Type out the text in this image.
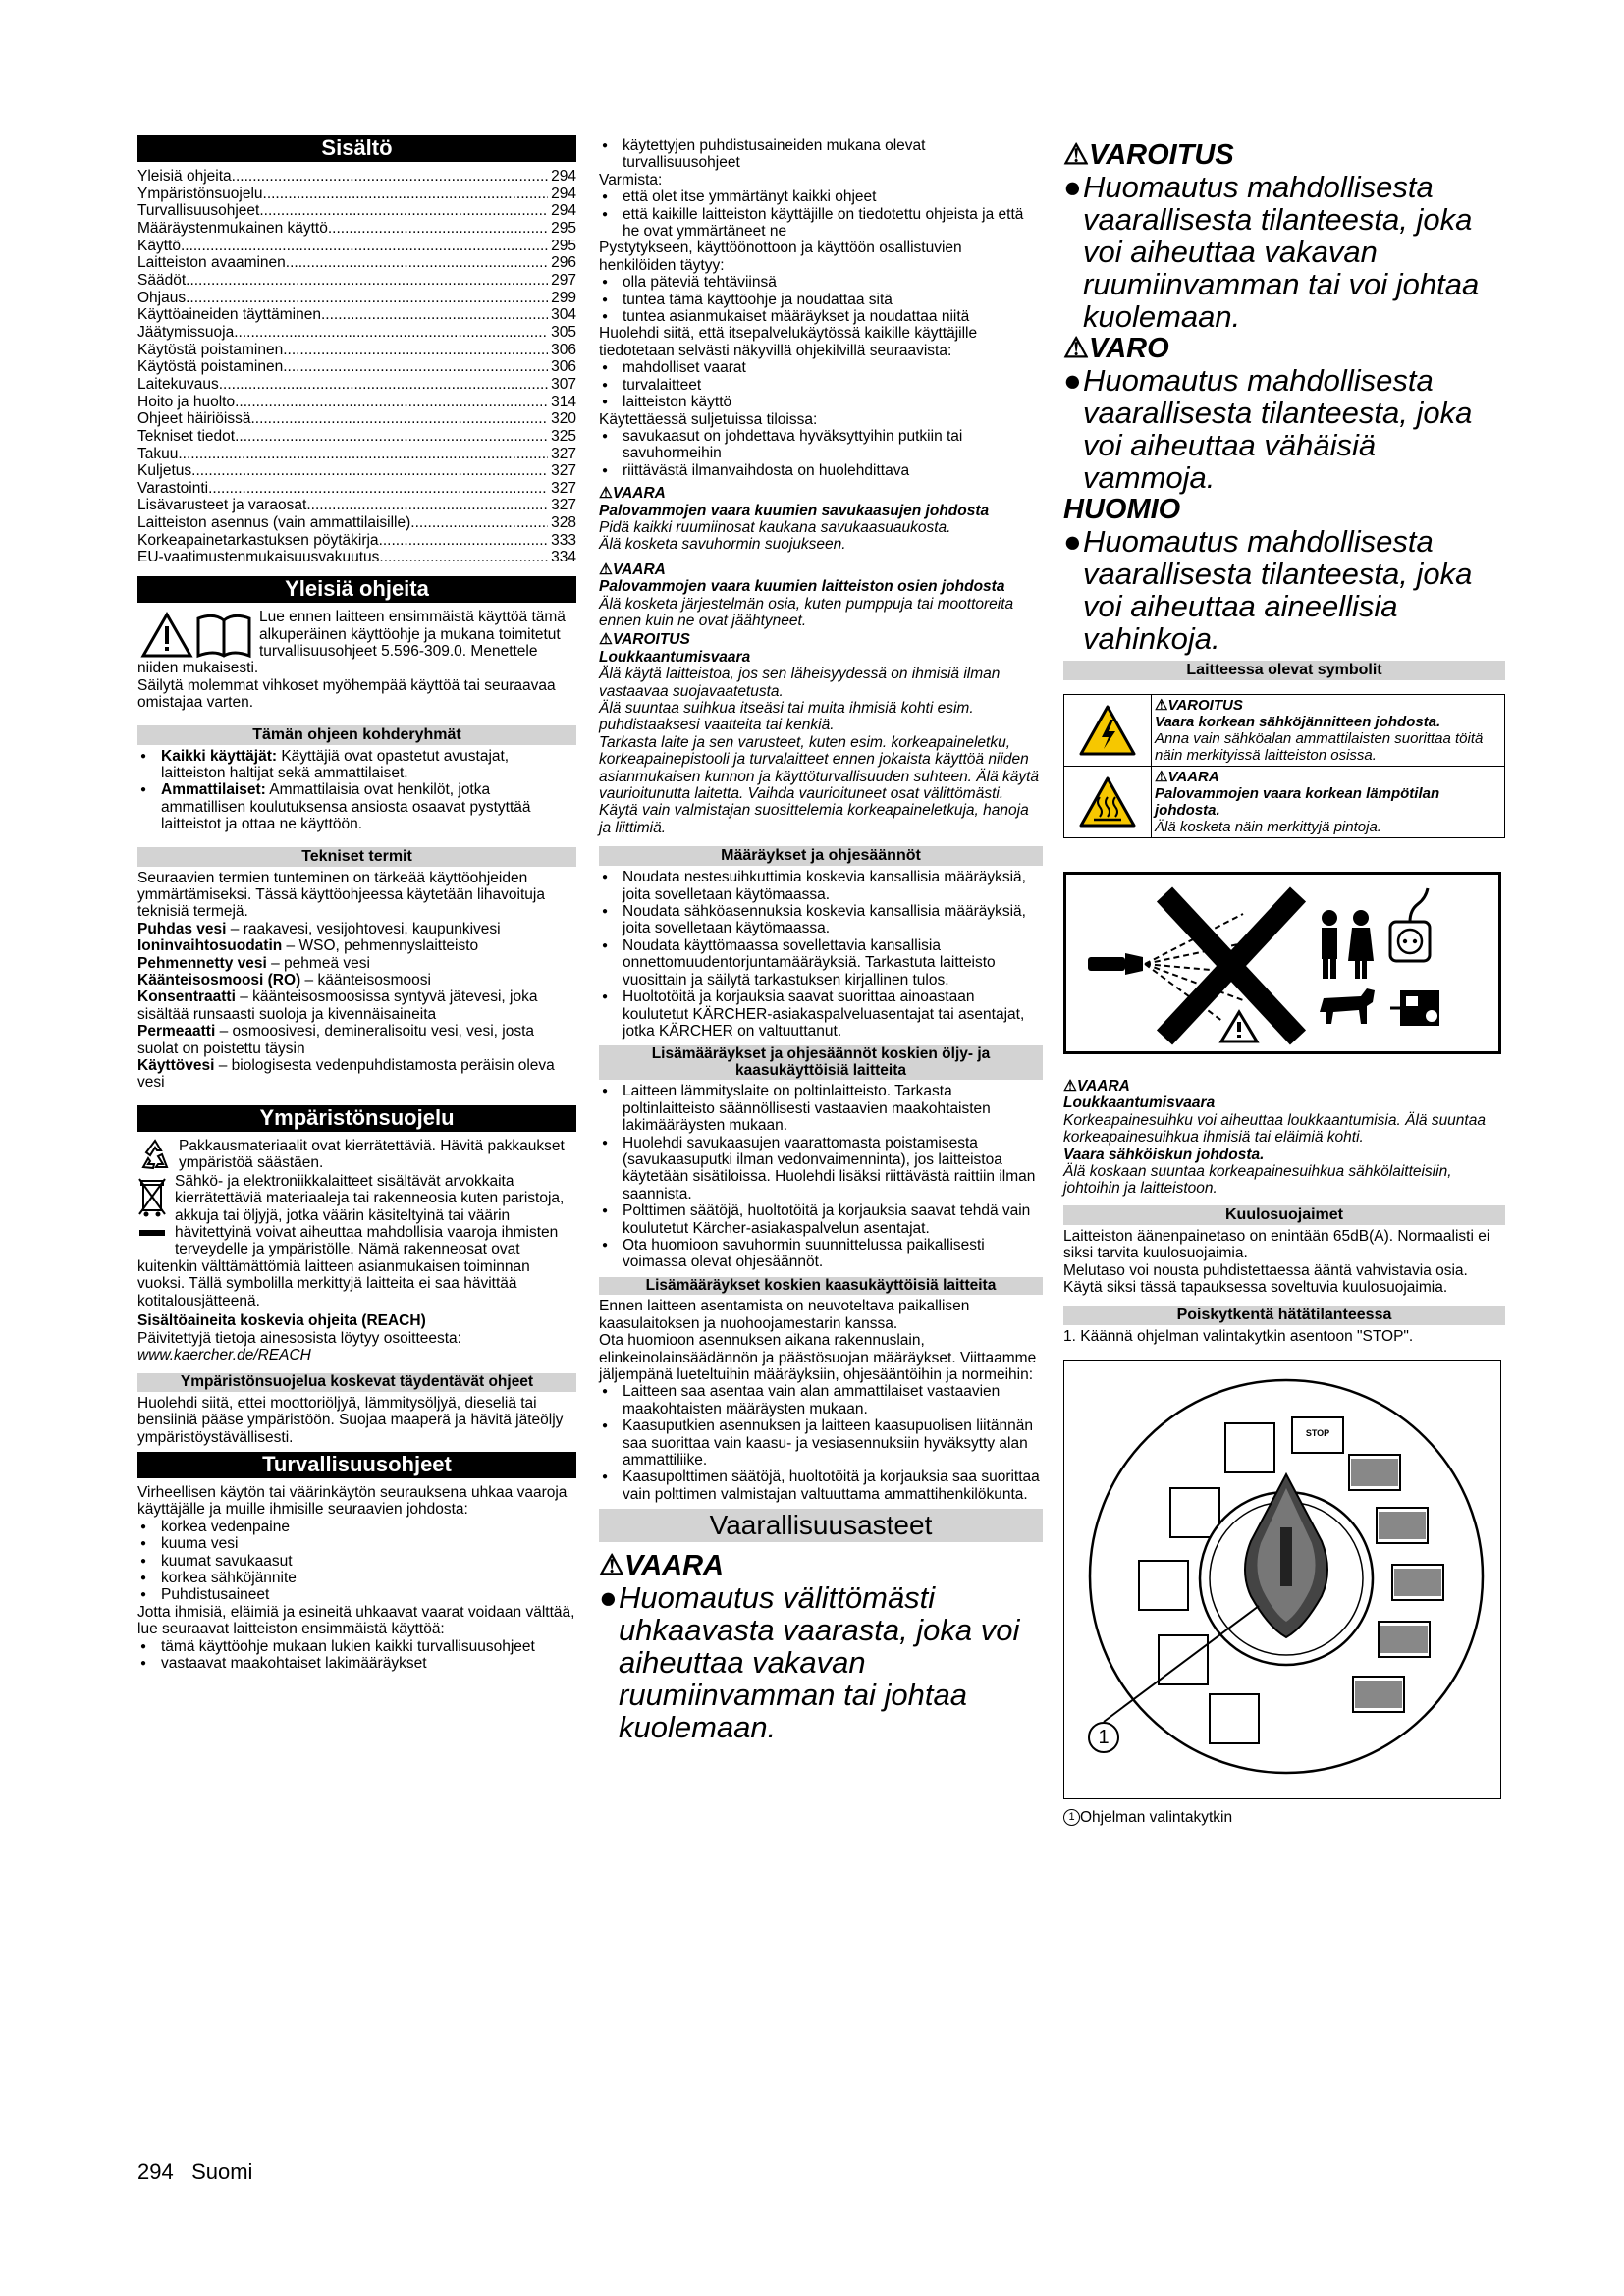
Sisältö
Yleisiä ohjeita .....	294
Ympäristönsuojelu .....	294
Turvallisuusohjeet .....	294
Määräystenmukainen käyttö .....	295
Käyttö .....	295
Laitteiston avaaminen .....	296
Säädöt .....	297
Ohjaus .....	299
Käyttöaineiden täyttäminen .....	304
Jäätymissuoja .....	305
Käytöstä poistaminen .....	306
Käytöstä poistaminen .....	306
Laitekuvaus .....	307
Hoito ja huolto .....	314
Ohjeet häiriöissä .....	320
Tekniset tiedot .....	325
Takuu .....	327
Kuljetus .....	327
Varastointi .....	327
Lisävarusteet ja varaosat .....	327
Laitteiston asennus (vain ammattilaisille) .....	328
Korkeapainetarkastuksen pöytäkirja .....	333
EU-vaatimustenmukaisuusvakuutus .....	334
Yleisiä ohjeita

Lue ennen laitteen ensimmäistä käyttöä tämä alkuperäinen käyttöohje ja mukana toimitetut turvallisuusohjeet 5.596-309.0. Menettele niiden mukaisesti.

Säilytä molemmat vihkoset myöhempää käyttöä tai seuraavaa omistajaa varten.

Tämän ohjeen kohderyhmät
● Kaikki käyttäjät: Käyttäjiä ovat opastetut avustajat, laitteiston haltijat sekä ammattilaiset.
● Ammattilaiset: Ammattilaisia ovat henkilöt, jotka ammatillisen koulutuksensa ansiosta osaavat pystyttää laitteistot ja ottaa ne käyttöön.
Tekniset termit

Seuraavien termien tunteminen on tärkeää käyttöohjeiden ymmärtämiseksi. Tässä käyttöohjeessa käytetään lihavoituja teknisiä termejä.

Puhdas vesi – raakavesi, vesijohtovesi, kaupunkivesi

Ioninvaihtosuodatin – WSO, pehmennyslaitteisto

Pehmennetty vesi – pehmeä vesi

Käänteisosmoosi (RO) – käänteisosmoosi

Konsentraatti – käänteisosmoosissa syntyvä jätevesi, joka sisältää runsaasti suoloja ja kivennäisaineita

Permeaatti – osmoosivesi, demineralisoitu vesi, vesi, josta suolat on poistettu täysin

Käyttövesi – biologisesta vedenpuhdistamosta peräisin oleva vesi

Ympäristönsuojelu

Pakkausmateriaalit ovat kierrätettäviä. Hävitä pakkaukset ympäristöä säästäen.

Sähkö- ja elektroniikkalaitteet sisältävät arvokkaita kierrätettäviä materiaaleja tai rakenneosia kuten paristoja, akkuja tai öljyjä, jotka väärin käsiteltyinä tai väärin hävitettyinä voivat aiheuttaa mahdollisia vaaroja ihmisten terveydelle ja ympäristölle. Nämä rakenneosat ovat kuitenkin välttämättömiä laitteen asianmukaisen toiminnan vuoksi. Tällä symbolilla merkittyjä laitteita ei saa hävittää kotitalousjätteenä.

Sisältöaineita koskevia ohjeita (REACH)

Päivitettyjä tietoja ainesosista löytyy osoitteesta:

www.kaercher.de/REACH

Ympäristönsuojelua koskevat täydentävät ohjeet

Huolehdi siitä, ettei moottoriöljyä, lämmitysöljyä, dieseliä tai bensiiniä pääse ympäristöön. Suojaa maaperä ja hävitä jäteöljy ympäristöystävällisesti.

Turvallisuusohjeet

Virheellisen käytön tai väärinkäytön seurauksena uhkaa vaaroja käyttäjälle ja muille ihmisille seuraavien johdosta:

● korkea vedenpaine
● kuuma vesi
● kuumat savukaasut
● korkea sähköjännite
● Puhdistusaineet

Jotta ihmisiä, eläimiä ja esineitä uhkaavat vaarat voidaan välttää, lue seuraavat laitteiston ensimmäistä käyttöä:

● tämä käyttöohje mukaan lukien kaikki turvallisuusohjeet
● vastaavat maakohtaiset lakimääräykset
● käytettyjen puhdistusaineiden mukana olevat turvallisuusohjeet

Varmista:

● että olet itse ymmärtänyt kaikki ohjeet
● että kaikille laitteiston käyttäjille on tiedotettu ohjeista ja että he ovat ymmärtäneet ne

Pystytykseen, käyttöönottoon ja käyttöön osallistuvien henkilöiden täytyy:

● olla päteviä tehtäviinsä
● tuntea tämä käyttöohje ja noudattaa sitä
● tuntea asianmukaiset määräykset ja noudattaa niitä

Huolehdi siitä, että itsepalvelukäytössä kaikille käyttäjille tiedotetaan selvästi näkyvillä ohjekilvillä seuraavista:

● mahdolliset vaarat
● turvalaitteet
● laitteiston käyttö

Käytettäessä suljetuissa tiloissa:

● savukaasut on johdettava hyväksyttyihin putkiin tai savuhormeihin
● riittävästä ilmanvaihdosta on huolehdittava

⚠VAARA

Palovammojen vaara kuumien savukaasujen johdosta

Pidä kaikki ruumiinosat kaukana savukaasuaukosta.

Älä kosketa savuhormin suojukseen.

⚠VAARA

Palovammojen vaara kuumien laitteiston osien johdosta

Älä kosketa järjestelmän osia, kuten pumppuja tai moottoreita ennen kuin ne ovat jäähtyneet.

⚠VAROITUS

Loukkaantumisvaara

Älä käytä laitteistoa, jos sen läheisyydessä on ihmisiä ilman vastaavaa suojavaatetusta.

Älä suuntaa suihkua itseäsi tai muita ihmisiä kohti esim. puhdistaaksesi vaatteita tai kenkiä.

Tarkasta laite ja sen varusteet, kuten esim. korkeapaineletku, korkeapainepistooli ja turvalaitteet ennen jokaista käyttöä niiden asianmukaisen kunnon ja käyttöturvallisuuden suhteen. Älä käytä vaurioitunutta laitetta. Vaihda vaurioituneet osat välittömästi.

Käytä vain valmistajan suosittelemia korkeapaineletkuja, hanoja ja liittimiä.

Määräykset ja ohjesäännöt
● Noudata nestesuihkuttimia koskevia kansallisia määräyksiä, joita sovelletaan käytömaassa.
● Noudata sähköasennuksia koskevia kansallisia määräyksiä, joita sovelletaan käytömaassa.
● Noudata käyttömaassa sovellettavia kansallisia onnettomuudentorjuntamääräyksiä. Tarkastuta laitteisto vuosittain ja säilytä tarkastuksen kirjallinen tulos.
● Huoltotöitä ja korjauksia saavat suorittaa ainoastaan koulutetut KÄRCHER-asiakaspalveluasentajat tai asentajat, jotka KÄRCHER on valtuuttanut.
Lisämääräykset ja ohjesäännöt koskien öljy- ja kaasukäyttöisiä laitteita
● Laitteen lämmityslaite on poltinlaitteisto. Tarkasta poltinlaitteisto säännöllisesti vastaavien maakohtaisten lakimääräysten mukaan.
● Huolehdi savukaasujen vaarattomasta poistamisesta (savukaasuputki ilman vedonvaimenninta), jos laitteistoa käytetään sisätiloissa. Huolehdi lisäksi riittävästä raittiin ilman saannista.
● Polttimen säätöjä, huoltotöitä ja korjauksia saavat tehdä vain koulutetut Kärcher-asiakaspalvelun asentajat.
● Ota huomioon savuhormin suunnittelussa paikallisesti voimassa olevat ohjesäännöt.
Lisämääräykset koskien kaasukäyttöisiä laitteita

Ennen laitteen asentamista on neuvoteltava paikallisen kaasulaitoksen ja nuohoojamestarin kanssa.

Ota huomioon asennuksen aikana rakennuslain, elinkeinolainsäädännön ja päästösuojan määräykset. Viittaamme jäljempänä lueteltuihin määräyksiin, ohjesääntöihin ja normeihin:

● Laitteen saa asentaa vain alan ammattilaiset vastaavien maakohtaisten määräysten mukaan.
● Kaasuputkien asennuksen ja laitteen kaasupuolisen liitännän saa suorittaa vain kaasu- ja vesiasennuksiin hyväksytty alan ammattiliike.
● Kaasupolttimen säätöjä, huoltotöitä ja korjauksia saa suorittaa vain polttimen valmistajan valtuuttama ammattihenkilökunta.
Vaarallisuusasteet
⚠VAARA
● Huomautus välittömästi uhkaavasta vaarasta, joka voi aiheuttaa vakavan ruumiinvamman tai johtaa kuolemaan.
⚠VAROITUS
● Huomautus mahdollisesta vaarallisesta tilanteesta, joka voi aiheuttaa vakavan ruumiinvamman tai voi johtaa kuolemaan.
⚠VARO
● Huomautus mahdollisesta vaarallisesta tilanteesta, joka voi aiheuttaa vähäisiä vammoja.
HUOMIO
● Huomautus mahdollisesta vaarallisesta tilanteesta, joka voi aiheuttaa aineellisia vahinkoja.
Laitteessa olevat symbolit
⚠VAROITUS
Vaara korkean sähköjännitteen johdosta.
Anna vain sähköalan ammattilaisten suorittaa töitä näin merkityissä laitteiston osissa.
⚠VAARA
Palovammojen vaara korkean lämpötilan johdosta.
Älä kosketa näin merkittyjä pintoja.

⚠VAARA

Loukkaantumisvaara

Korkeapainesuihku voi aiheuttaa loukkaantumisia. Älä suuntaa korkeapainesuihkua ihmisiä tai eläimiä kohti.

Vaara sähköiskun johdosta.

Älä koskaan suuntaa korkeapainesuihkua sähkölaitteisiin, johtoihin ja laitteistoon.

Kuulosuojaimet

Laitteiston äänenpainetaso on enintään 65dB(A). Normaalisti ei siksi tarvita kuulosuojaimia.

Melutaso voi nousta puhdistettaessa ääntä vahvistavia osia. Käytä siksi tässä tapauksessa soveltuvia kuulosuojaimia.

Poiskytkentä hätätilanteessa

1. Käännä ohjelman valintakytkin asentoon "STOP".

STOP
1

1 Ohjelman valintakytkin

294 Suomi
